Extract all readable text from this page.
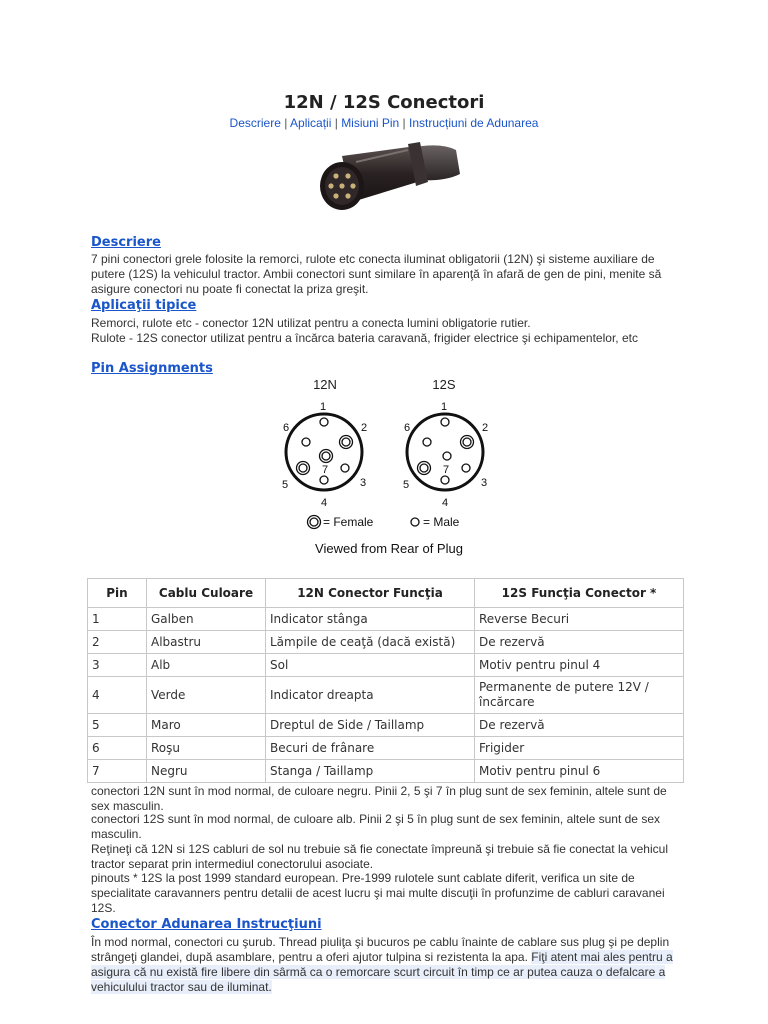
12N / 12S Conectori
Descriere | Aplicații | Misiuni Pin | Instrucțiuni de Adunarea
Descriere

7 pini conectori grele folosite la remorci, rulote etc conecta iluminat obligatorii (12N) şi sisteme auxiliare de putere (12S) la vehiculul tractor. Ambii conectori sunt similare în aparenţă în afară de gen de pini, menite să asigure conectori nu poate fi conectat la priza greşit.

Aplicaţii tipice

Remorci, rulote etc - conector 12N utilizat pentru a conecta lumini obligatorie rutier.

Rulote - 12S conector utilizat pentru a încărca bateria caravană, frigider electrice şi echipamentelor, etc

Pin Assignments
12N	12S
1
2
3
4
5
6
7
1
2
3
4
5
6
7
= Female	= Male
Viewed from Rear of Plug
Pin	Cablu Culoare	12N Conector Funcţia	12S Funcţia Conector *
1	Galben	Indicator stânga	Reverse Becuri
2	Albastru	Lămpile de ceaţă (dacă există)	De rezervă
3	Alb	Sol	Motiv pentru pinul 4
4	Verde	Indicator dreapta	Permanente de putere 12V / încărcare
5	Maro	Dreptul de Side / Taillamp	De rezervă
6	Roşu	Becuri de frânare	Frigider
7	Negru	Stanga / Taillamp	Motiv pentru pinul 6

conectori 12N sunt în mod normal, de culoare negru. Pinii 2, 5 şi 7 în plug sunt de sex feminin, altele sunt de sex masculin.

conectori 12S sunt în mod normal, de culoare alb. Pinii 2 şi 5 în plug sunt de sex feminin, altele sunt de sex masculin.

Reţineţi că 12N si 12S cabluri de sol nu trebuie să fie conectate împreună şi trebuie să fie conectat la vehicul tractor separat prin intermediul conectorului asociate.

pinouts * 12S la post 1999 standard european. Pre-1999 rulotele sunt cablate diferit, verifica un site de specialitate caravanners pentru detalii de acest lucru şi mai multe discuţii în profunzime de cabluri caravanei 12S.

Conector Adunarea Instrucţiuni

În mod normal, conectori cu şurub. Thread piuliţa şi bucuros pe cablu înainte de cablare sus plug şi pe deplin strângeţi glandei, după asamblare, pentru a oferi ajutor tulpina si rezistenta la apa. Fiţi atent mai ales pentru a asigura că nu există fire libere din sârmă ca o remorcare scurt circuit în timp ce ar putea cauza o defalcare a vehiculului tractor sau de iluminat.
